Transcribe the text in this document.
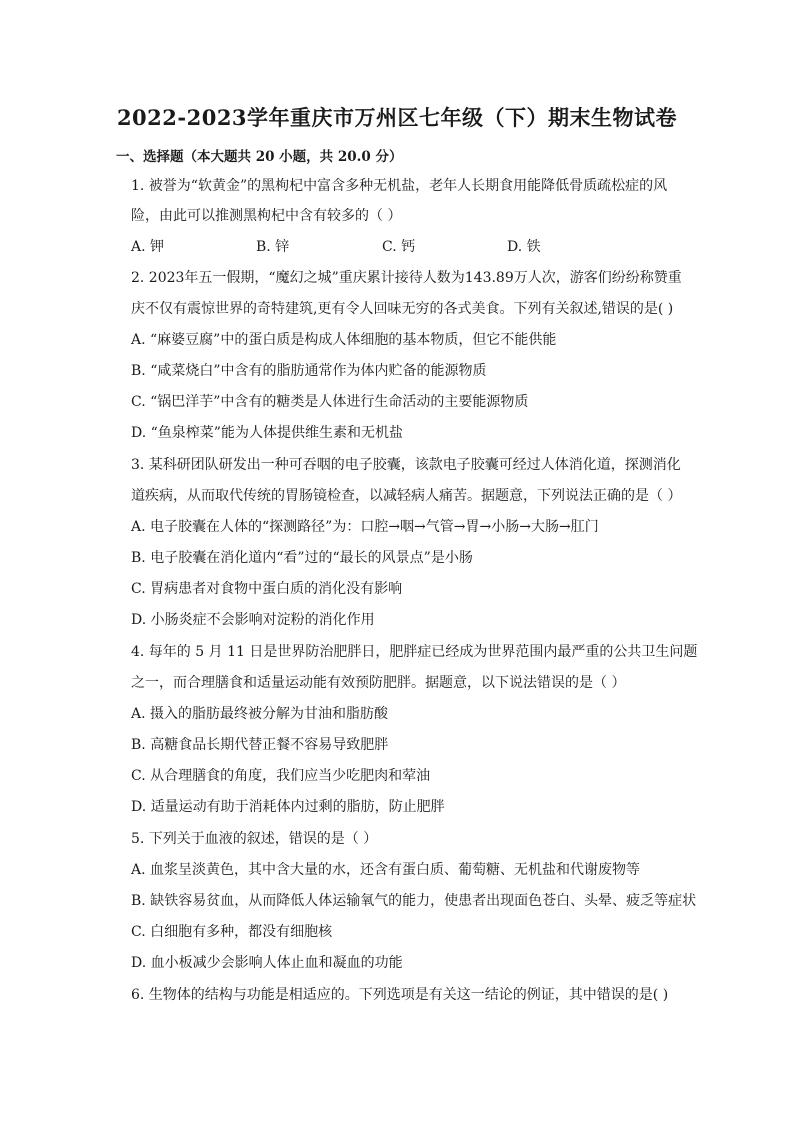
2022-2023学年重庆市万州区七年级（下）期末生物试卷
一、选择题（本大题共 20 小题，共 20.0 分）
1. 被誉为“软黄金”的黑枸杞中富含多种无机盐，老年人长期食用能降低骨质疏松症的风
险，由此可以推测黑枸杞中含有较多的（ ）
A. 钾	B. 锌	C. 钙	D. 铁
2. 2023年五一假期，“魔幻之城”重庆累计接待人数为143.89万人次，游客们纷纷称赞重
庆不仅有震惊世界的奇特建筑,更有令人回味无穷的各式美食。下列有关叙述,错误的是( )
A. “麻婆豆腐”中的蛋白质是构成人体细胞的基本物质，但它不能供能
B. “咸菜烧白”中含有的脂肪通常作为体内贮备的能源物质
C. “锅巴洋芋”中含有的糖类是人体进行生命活动的主要能源物质
D. “鱼泉榨菜”能为人体提供维生素和无机盐
3. 某科研团队研发出一种可吞咽的电子胶囊，该款电子胶囊可经过人体消化道，探测消化
道疾病，从而取代传统的胃肠镜检查，以减轻病人痛苦。据题意，下列说法正确的是（ ）
A. 电子胶囊在人体的“探测路径”为：口腔→咽→气管→胃→小肠→大肠→肛门
B. 电子胶囊在消化道内“看”过的“最长的风景点”是小肠
C. 胃病患者对食物中蛋白质的消化没有影响
D. 小肠炎症不会影响对淀粉的消化作用
4. 每年的 5 月 11 日是世界防治肥胖日，肥胖症已经成为世界范围内最严重的公共卫生问题
之一，而合理膳食和适量运动能有效预防肥胖。据题意，以下说法错误的是（ ）
A. 摄入的脂肪最终被分解为甘油和脂肪酸
B. 高糖食品长期代替正餐不容易导致肥胖
C. 从合理膳食的角度，我们应当少吃肥肉和荤油
D. 适量运动有助于消耗体内过剩的脂肪，防止肥胖
5. 下列关于血液的叙述，错误的是（ ）
A. 血浆呈淡黄色，其中含大量的水，还含有蛋白质、葡萄糖、无机盐和代谢废物等
B. 缺铁容易贫血，从而降低人体运输氧气的能力，使患者出现面色苍白、头晕、疲乏等症状
C. 白细胞有多种，都没有细胞核
D. 血小板减少会影响人体止血和凝血的功能
6. 生物体的结构与功能是相适应的。下列选项是有关这一结论的例证，其中错误的是( )
